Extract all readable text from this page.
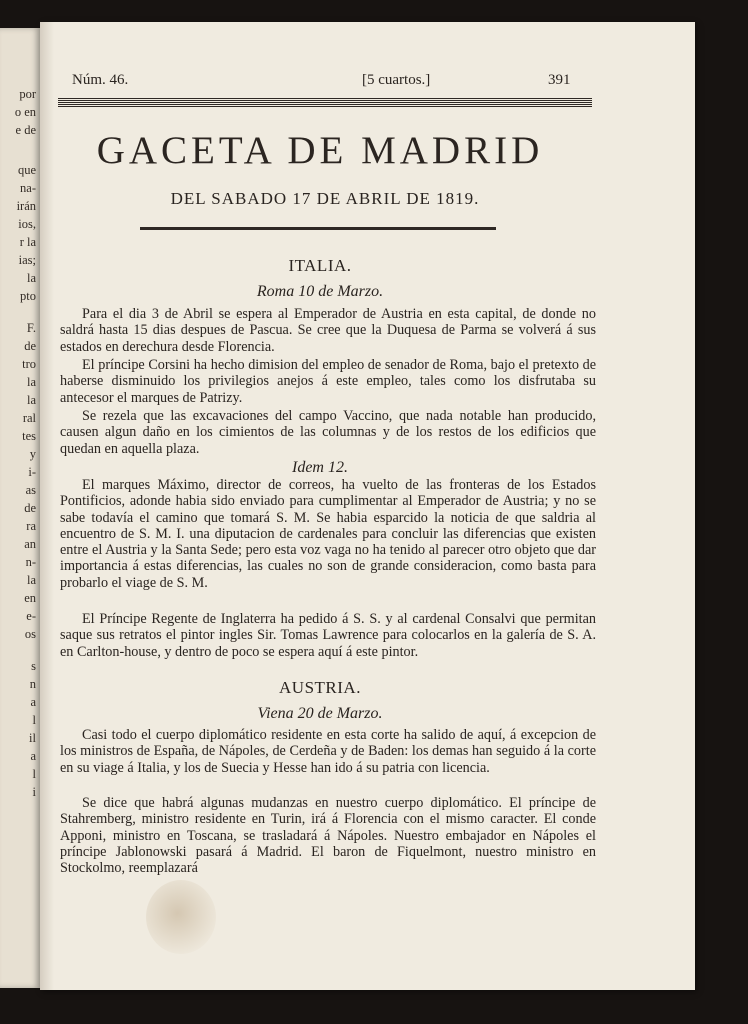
por
o en
e de
que
na-
irán
ios,
r la
ias;
la
pto
F.
de
tro
la
la
ral
tes
y
i-
as
de
ra
an
n-
la
en
e-
os
s
n
a
l
il
a
l
i
Núm. 46.	[5 cuartos.]	391
GACETA DE MADRID
DEL SABADO 17 DE ABRIL DE 1819.
ITALIA.
Roma 10 de Marzo.
Para el dia 3 de Abril se espera al Emperador de Austria en esta capital, de donde no saldrá hasta 15 dias despues de Pascua. Se cree que la Duquesa de Parma se volverá á sus estados en derechura desde Florencia.
El príncipe Corsini ha hecho dimision del empleo de senador de Roma, bajo el pretexto de haberse disminuido los privilegios anejos á este empleo, tales como los disfrutaba su antecesor el marques de Patrizy.
Se rezela que las excavaciones del campo Vaccino, que nada notable han producido, causen algun daño en los cimientos de las columnas y de los restos de los edificios que quedan en aquella plaza.
Idem 12.
El marques Máximo, director de correos, ha vuelto de las fronteras de los Estados Pontificios, adonde habia sido enviado para cumplimentar al Emperador de Austria; y no se sabe todavía el camino que tomará S. M. Se habia esparcido la noticia de que saldria al encuentro de S. M. I. una diputacion de cardenales para concluir las diferencias que existen entre el Austria y la Santa Sede; pero esta voz vaga no ha tenido al parecer otro objeto que dar importancia á estas diferencias, las cuales no son de grande consideracion, como basta para probarlo el viage de S. M.
El Príncipe Regente de Inglaterra ha pedido á S. S. y al cardenal Consalvi que permitan saque sus retratos el pintor ingles Sir. Tomas Lawrence para colocarlos en la galería de S. A. en Carlton-house, y dentro de poco se espera aquí á este pintor.
AUSTRIA.
Viena 20 de Marzo.
Casi todo el cuerpo diplomático residente en esta corte ha salido de aquí, á excepcion de los ministros de España, de Nápoles, de Cerdeña y de Baden: los demas han seguido á la corte en su viage á Italia, y los de Suecia y Hesse han ido á su patria con licencia.
Se dice que habrá algunas mudanzas en nuestro cuerpo diplomático. El príncipe de Stahremberg, ministro residente en Turin, irá á Florencia con el mismo caracter. El conde Apponi, ministro en Toscana, se trasladará á Nápoles. Nuestro embajador en Nápoles el príncipe Jablonowski pasará á Madrid. El baron de Fiquelmont, nuestro ministro en Stockolmo, reemplazará
